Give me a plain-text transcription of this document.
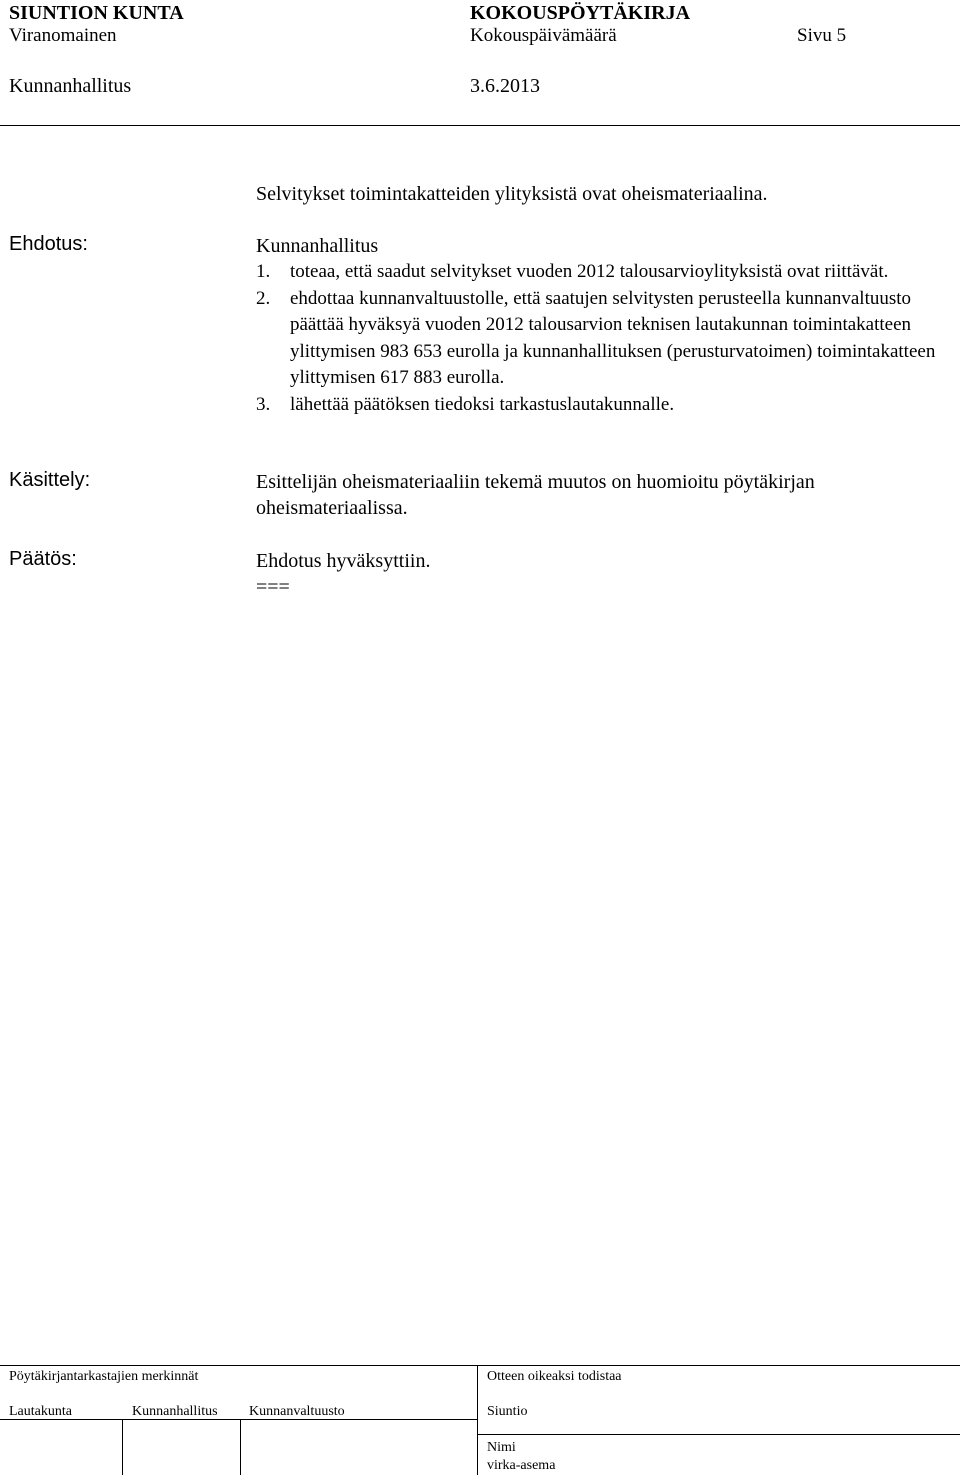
SIUNTION KUNTA	KOKOUSPÖYTÄKIRJA
Viranomainen	Kokouspäivämäärä	Sivu 5
Kunnanhallitus	3.6.2013
Selvitykset toimintakatteiden ylityksistä ovat oheismateriaalina.
Ehdotus:	Kunnanhallitus
1. toteaa, että saadut selvitykset vuoden 2012 talousarvioylityksistä ovat riittävät.
2. ehdottaa kunnanvaltuustolle, että saatujen selvitysten perusteella kunnanvaltuusto päättää hyväksyä vuoden 2012 talousarvion teknisen lautakunnan toimintakatteen ylittymisen 983 653 eurolla ja kunnanhallituksen (perusturvatoimen) toimintakatteen ylittymisen 617 883 eurolla.
3. lähettää päätöksen tiedoksi tarkastuslautakunnalle.
Käsittely:	Esittelijän oheismateriaaliin tekemä muutos on huomioitu pöytäkirjan oheismateriaalissa.
Päätös:	Ehdotus hyväksyttiin.
===
Pöytäkirjantarkastajien merkinnät	Otteen oikeaksi todistaa
Lautakunta	Kunnanhallitus Kunnanvaltuusto	Siuntio
Nimi
virka-asema
